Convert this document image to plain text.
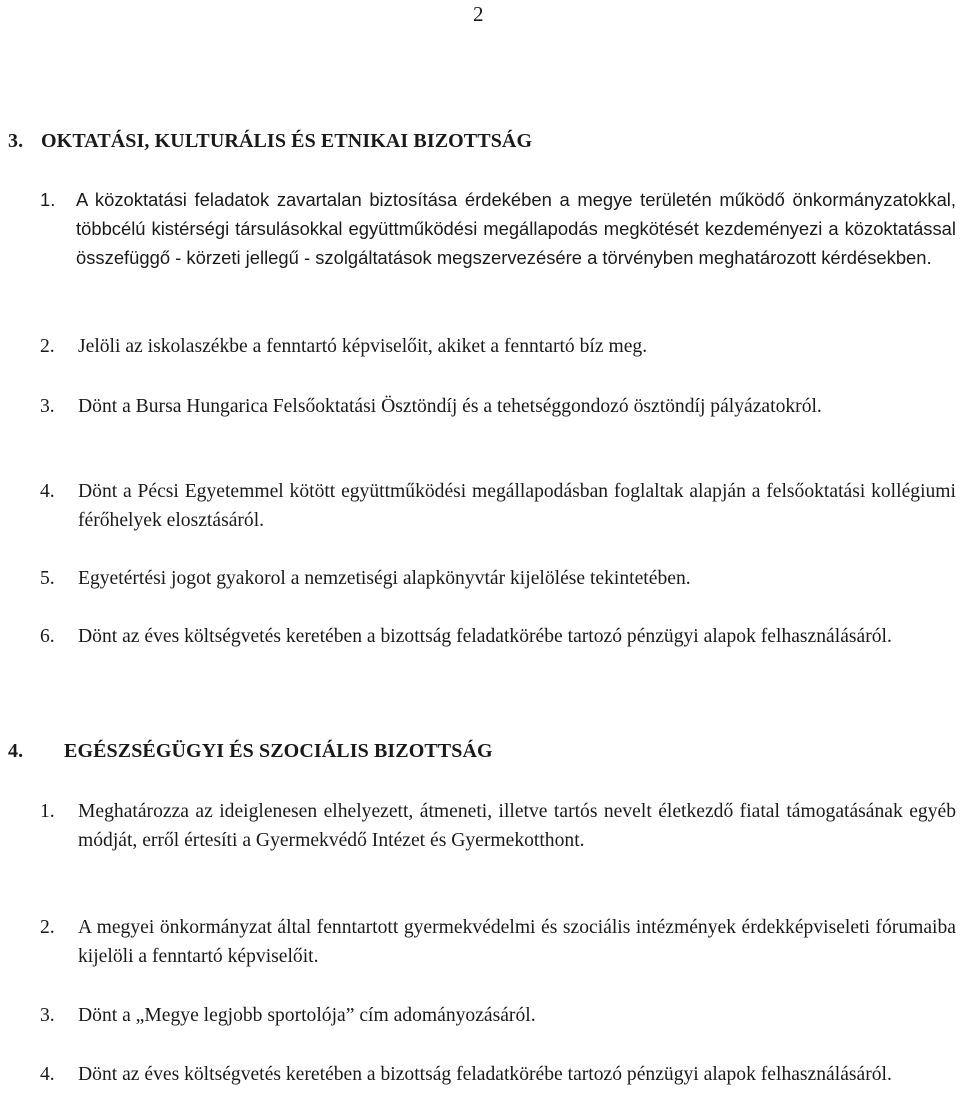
2
3. OKTATÁSI, KULTURÁLIS ÉS ETNIKAI BIZOTTSÁG
1. A közoktatási feladatok zavartalan biztosítása érdekében a megye területén működő önkormányzatokkal, többcélú kistérségi társulásokkal együttműködési megállapodás megkötését kezdeményezi a közoktatással összefüggő - körzeti jellegű - szolgáltatások megszervezésére a törvényben meghatározott kérdésekben.
2. Jelöli az iskolaszékbe a fenntartó képviselőit, akiket a fenntartó bíz meg.
3. Dönt a Bursa Hungarica Felsőoktatási Ösztöndíj és a tehetséggondozó ösztöndíj pályázatokról.
4. Dönt a Pécsi Egyetemmel kötött együttműködési megállapodásban foglaltak alapján a felsőoktatási kollégiumi férőhelyek elosztásáról.
5. Egyetértési jogot gyakorol a nemzetiségi alapkönyvtár kijelölése tekintetében.
6. Dönt az éves költségvetés keretében a bizottság feladatkörébe tartozó pénzügyi alapok felhasználásáról.
4. EGÉSZSÉGÜGYI ÉS SZOCIÁLIS BIZOTTSÁG
1. Meghatározza az ideiglenesen elhelyezett, átmeneti, illetve tartós nevelt életkezdő fiatal támogatásának egyéb módját, erről értesíti a Gyermekvédő Intézet és Gyermekotthont.
2. A megyei önkormányzat által fenntartott gyermekvédelmi és szociális intézmények érdekképviseleti fórumaiba kijelöli a fenntartó képviselőit.
3. Dönt a „Megye legjobb sportolója” cím adományozásáról.
4. Dönt az éves költségvetés keretében a bizottság feladatkörébe tartozó pénzügyi alapok felhasználásáról.
